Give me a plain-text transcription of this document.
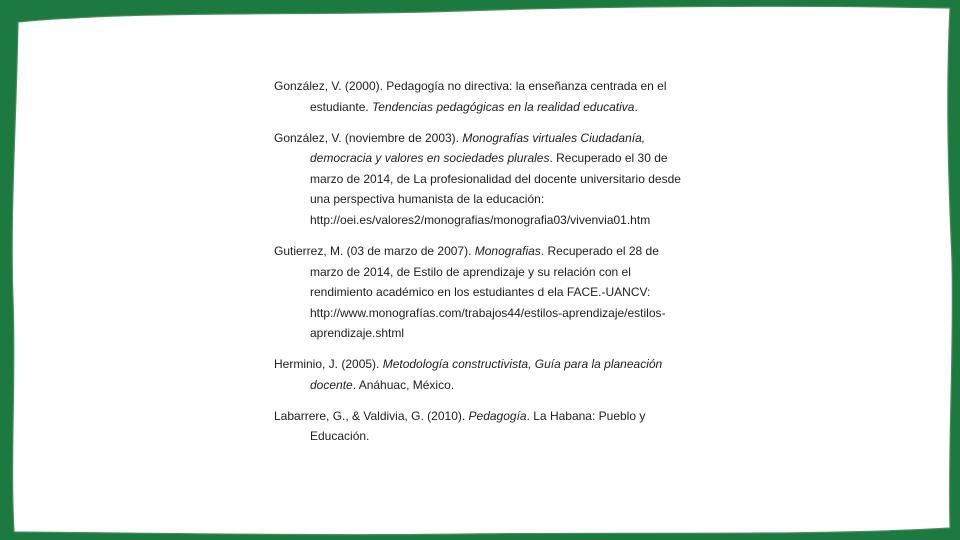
González, V. (2000). Pedagogía no directiva: la enseñanza centrada en el
estudiante. Tendencias pedagógicas en la realidad educativa.
González, V. (noviembre de 2003). Monografías virtuales Ciudadanía,
democracia y valores en sociedades plurales. Recuperado el 30 de
marzo de 2014, de La profesionalidad del docente universitario desde
una perspectiva humanista de la educación:
http://oei.es/valores2/monografias/monografia03/vivenvia01.htm
Gutierrez, M. (03 de marzo de 2007). Monografias. Recuperado el 28 de
marzo de 2014, de Estilo de aprendizaje y su relación con el
rendimiento académico en los estudiantes d ela FACE.-UANCV:
http://www.monografías.com/trabajos44/estilos-aprendizaje/estilos-
aprendizaje.shtml
Herminio, J. (2005). Metodología constructivista, Guía para la planeación
docente. Anáhuac, México.
Labarrere, G., & Valdivia, G. (2010). Pedagogía. La Habana: Pueblo y
Educación.
